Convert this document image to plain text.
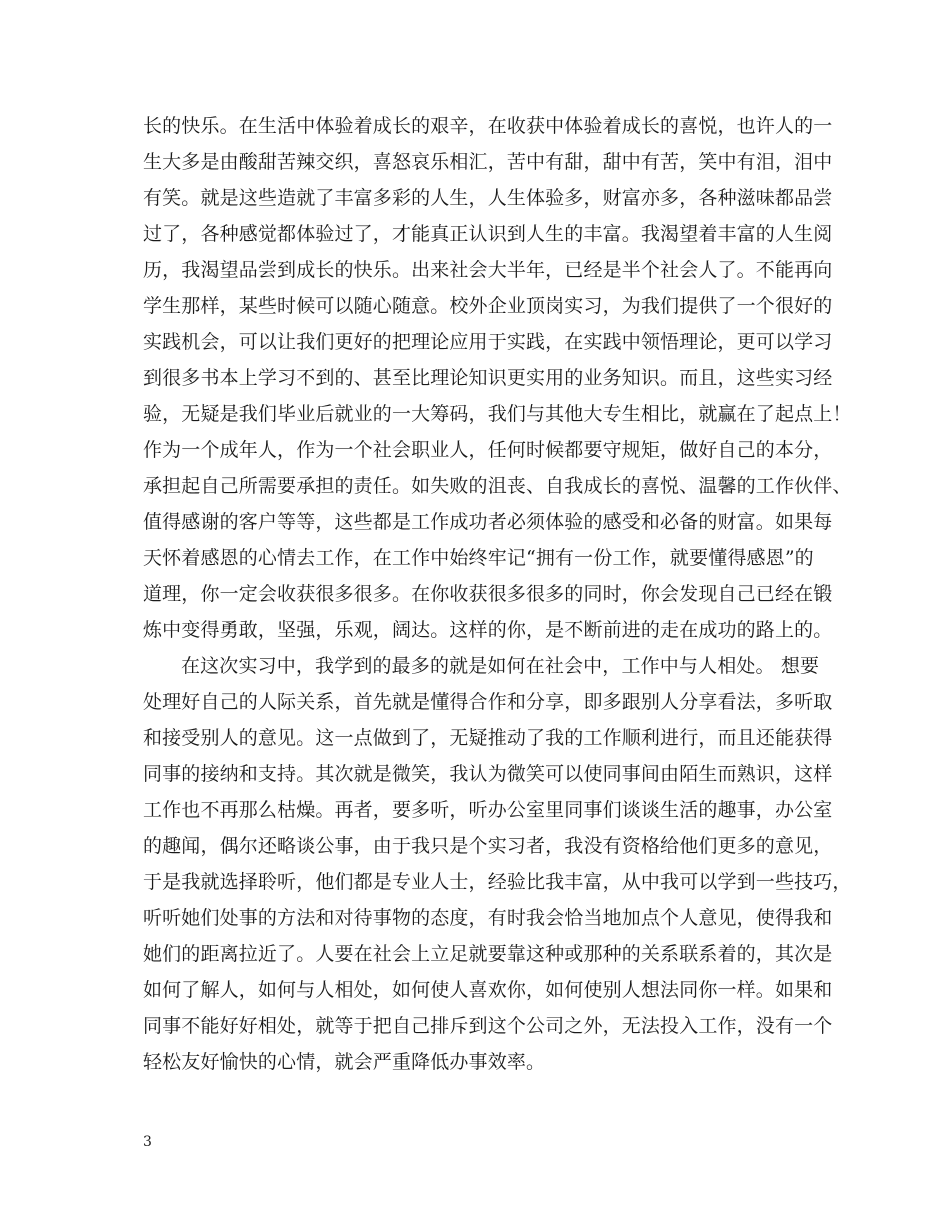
长的快乐。在生活中体验着成长的艰辛，在收获中体验着成长的喜悦，也许人的一
生大多是由酸甜苦辣交织，喜怒哀乐相汇，苦中有甜，甜中有苦，笑中有泪，泪中
有笑。就是这些造就了丰富多彩的人生，人生体验多，财富亦多，各种滋味都品尝
过了，各种感觉都体验过了，才能真正认识到人生的丰富。我渴望着丰富的人生阅
历，我渴望品尝到成长的快乐。出来社会大半年，已经是半个社会人了。不能再向
学生那样，某些时候可以随心随意。校外企业顶岗实习，为我们提供了一个很好的
实践机会，可以让我们更好的把理论应用于实践，在实践中领悟理论，更可以学习
到很多书本上学习不到的、甚至比理论知识更实用的业务知识。而且，这些实习经
验，无疑是我们毕业后就业的一大筹码，我们与其他大专生相比，就赢在了起点上！
作为一个成年人，作为一个社会职业人，任何时候都要守规矩，做好自己的本分，
承担起自己所需要承担的责任。如失败的沮丧、自我成长的喜悦、温馨的工作伙伴、
值得感谢的客户等等，这些都是工作成功者必须体验的感受和必备的财富。如果每
天怀着感恩的心情去工作，在工作中始终牢记“拥有一份工作，就要懂得感恩”的
道理，你一定会收获很多很多。在你收获很多很多的同时，你会发现自己已经在锻
炼中变得勇敢，坚强，乐观，阔达。这样的你，是不断前进的走在成功的路上的。
在这次实习中，我学到的最多的就是如何在社会中，工作中与人相处。 想要
处理好自己的人际关系，首先就是懂得合作和分享，即多跟别人分享看法，多听取
和接受别人的意见。这一点做到了，无疑推动了我的工作顺利进行，而且还能获得
同事的接纳和支持。其次就是微笑，我认为微笑可以使同事间由陌生而熟识，这样
工作也不再那么枯燥。再者，要多听，听办公室里同事们谈谈生活的趣事，办公室
的趣闻，偶尔还略谈公事，由于我只是个实习者，我没有资格给他们更多的意见，
于是我就选择聆听，他们都是专业人士，经验比我丰富，从中我可以学到一些技巧，
听听她们处事的方法和对待事物的态度，有时我会恰当地加点个人意见，使得我和
她们的距离拉近了。人要在社会上立足就要靠这种或那种的关系联系着的，其次是
如何了解人，如何与人相处，如何使人喜欢你，如何使别人想法同你一样。如果和
同事不能好好相处，就等于把自己排斥到这个公司之外，无法投入工作，没有一个
轻松友好愉快的心情，就会严重降低办事效率。
3
